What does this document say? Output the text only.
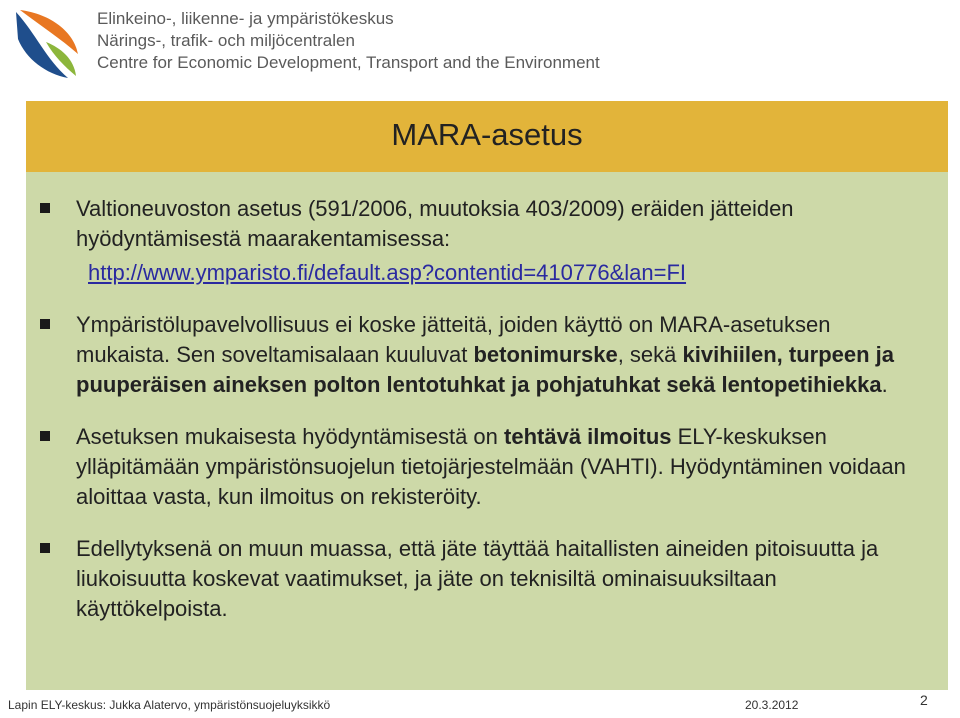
Elinkeino-, liikenne- ja ympäristökeskus
Närings-, trafik- och miljöcentralen
Centre for Economic Development, Transport and the Environment
MARA-asetus
Valtioneuvoston asetus (591/2006, muutoksia 403/2009) eräiden jätteiden hyödyntämisestä maarakentamisessa:
http://www.ymparisto.fi/default.asp?contentid=410776&lan=FI
Ympäristölupavelvollisuus ei koske jätteitä, joiden käyttö on MARA-asetuksen mukaista. Sen soveltamisalaan kuuluvat betonimurske, sekä kivihiilen, turpeen ja puuperäisen aineksen polton lentotuhkat ja pohjatuhkat sekä lentopetihiekka.
Asetuksen mukaisesta hyödyntämisestä on tehtävä ilmoitus ELY-keskuksen ylläpitämään ympäristönsuojelun tietojärjestelmään (VAHTI). Hyödyntäminen voidaan aloittaa vasta, kun ilmoitus on rekisteröity.
Edellytyksenä on muun muassa, että jäte täyttää haitallisten aineiden pitoisuutta ja liukoisuutta koskevat vaatimukset, ja jäte on teknisiltä ominaisuuksiltaan käyttökelpoista.
Lapin ELY-keskus: Jukka Alatervo, ympäristönsuojeluyksikkö	20.3.2012	2
